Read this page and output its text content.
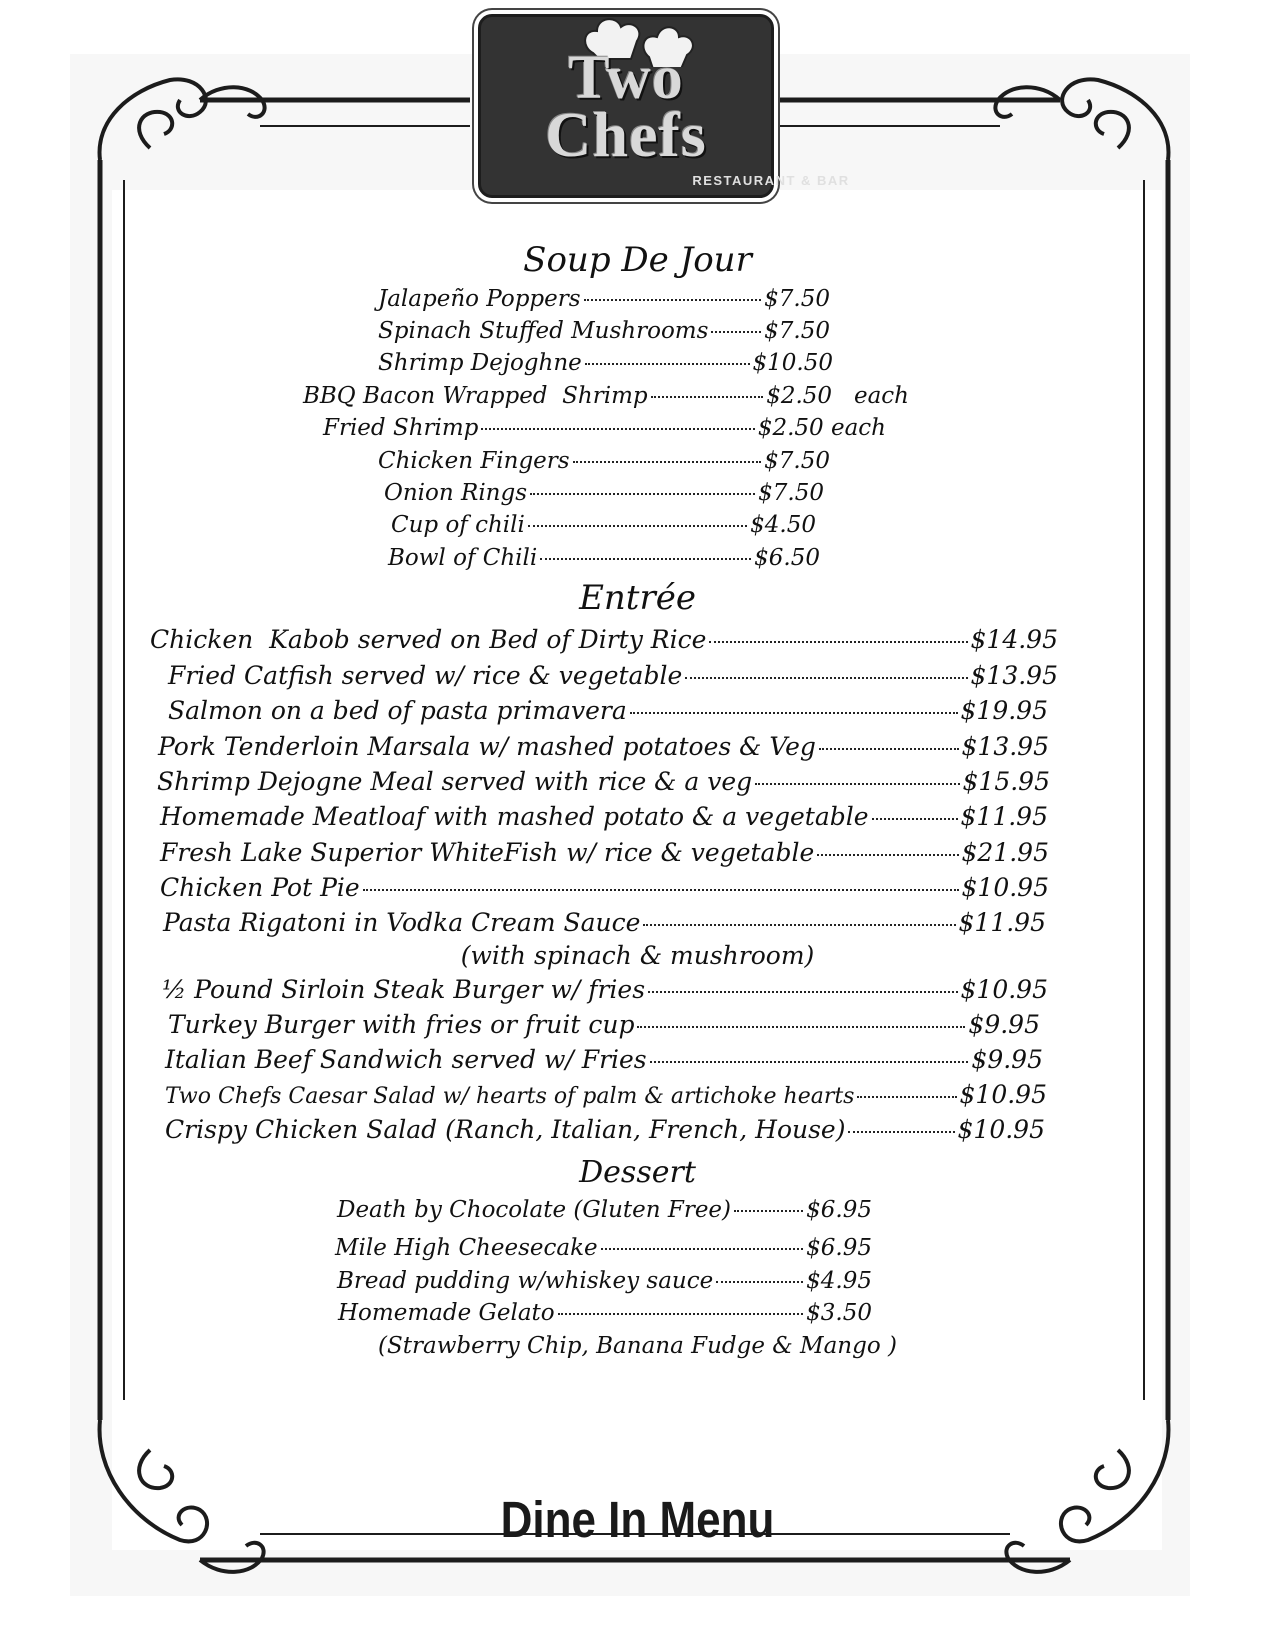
Two
Chefs
RESTAURANT & BAR
Soup De Jour
Jalapeño Poppers	$7.50
Spinach Stuffed Mushrooms $7.50
Shrimp Dejoghne	$10.50
BBQ Bacon Wrapped  Shrimp	$2.50   each
Fried Shrimp	$2.50 each
Chicken Fingers	$7.50
Onion Rings	$7.50
Cup of chili	$4.50
Bowl of Chili	$6.50
Entrée
Chicken  Kabob served on Bed of Dirty Rice	$14.95
Fried Catfish served w/ rice & vegetable	$13.95
Salmon on a bed of pasta primavera	$19.95
Pork Tenderloin Marsala w/ mashed potatoes & Veg	$13.95
Shrimp Dejogne Meal served with rice & a veg	$15.95
Homemade Meatloaf with mashed potato & a vegetable	$11.95
Fresh Lake Superior WhiteFish w/ rice & vegetable	$21.95
Chicken Pot Pie	$10.95
Pasta Rigatoni in Vodka Cream Sauce	$11.95
(with spinach & mushroom)
½ Pound Sirloin Steak Burger w/ fries	$10.95
Turkey Burger with fries or fruit cup	$9.95
Italian Beef Sandwich served w/ Fries	$9.95
Two Chefs Caesar Salad w/ hearts of palm & artichoke hearts	$10.95
Crispy Chicken Salad (Ranch, Italian, French, House)	$10.95
Dessert
Death by Chocolate (Gluten Free)	$6.95
Mile High Cheesecake	$6.95
Bread pudding w/whiskey sauce	$4.95
Homemade Gelato	$3.50
(Strawberry Chip, Banana Fudge & Mango )
Dine In Menu
